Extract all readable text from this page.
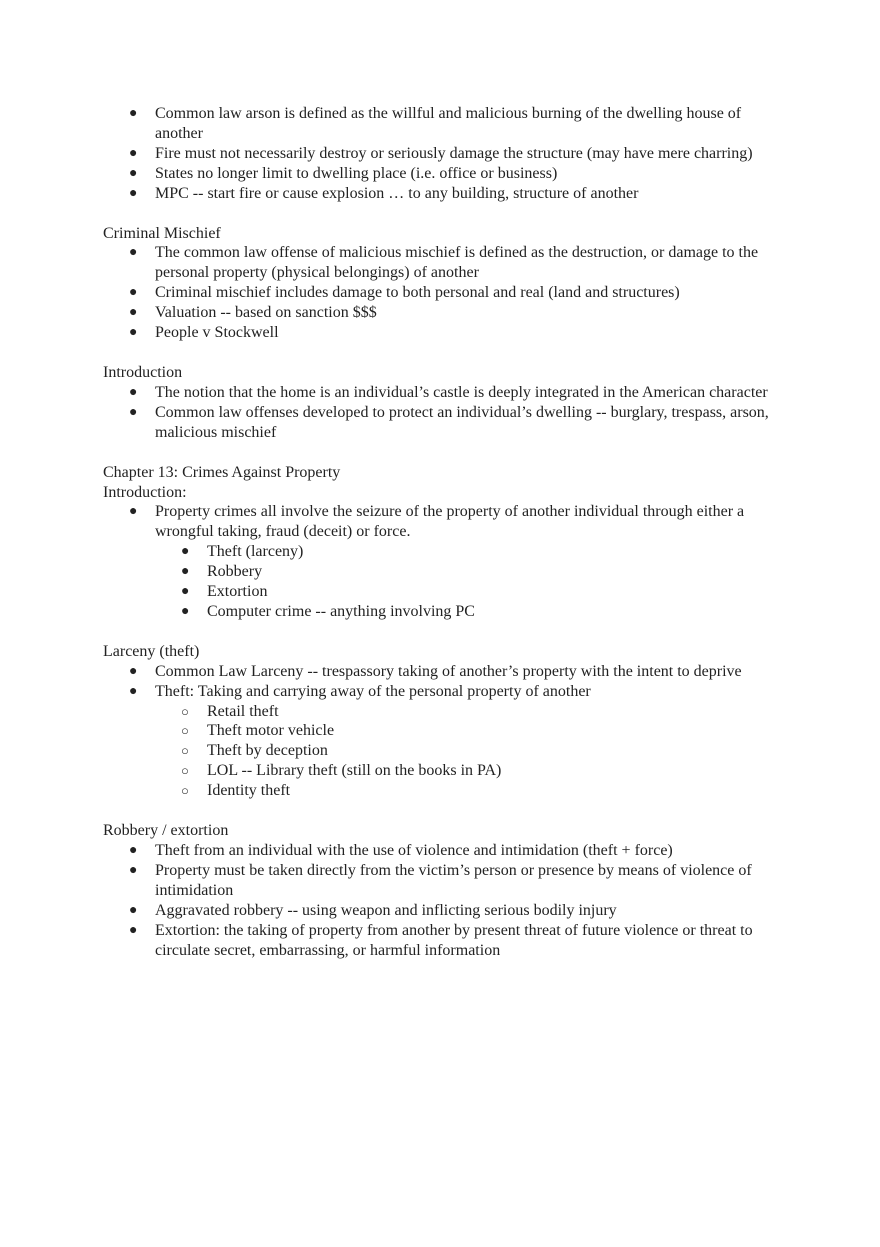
● Common law arson is defined as the willful and malicious burning of the dwelling house of another
● Fire must not necessarily destroy or seriously damage the structure (may have mere charring)
● States no longer limit to dwelling place (i.e. office or business)
● MPC -- start fire or cause explosion … to any building, structure of another
Criminal Mischief
● The common law offense of malicious mischief is defined as the destruction, or damage to the personal property (physical belongings) of another
● Criminal mischief includes damage to both personal and real (land and structures)
● Valuation -- based on sanction $$$
● People v Stockwell
Introduction
● The notion that the home is an individual’s castle is deeply integrated in the American character
● Common law offenses developed to protect an individual’s dwelling -- burglary, trespass, arson, malicious mischief
Chapter 13: Crimes Against Property
Introduction:
● Property crimes all involve the seizure of the property of another individual through either a wrongful taking, fraud (deceit) or force.
● Theft (larceny)
● Robbery
● Extortion
● Computer crime -- anything involving PC
Larceny (theft)
● Common Law Larceny -- trespassory taking of another’s property with the intent to deprive
● Theft: Taking and carrying away of the personal property of another
○ Retail theft
○ Theft motor vehicle
○ Theft by deception
○ LOL -- Library theft (still on the books in PA)
○ Identity theft
Robbery / extortion
● Theft from an individual with the use of violence and intimidation (theft + force)
● Property must be taken directly from the victim’s person or presence by means of violence of intimidation
● Aggravated robbery -- using weapon and inflicting serious bodily injury
● Extortion: the taking of property from another by present threat of future violence or threat to circulate secret, embarrassing, or harmful information
